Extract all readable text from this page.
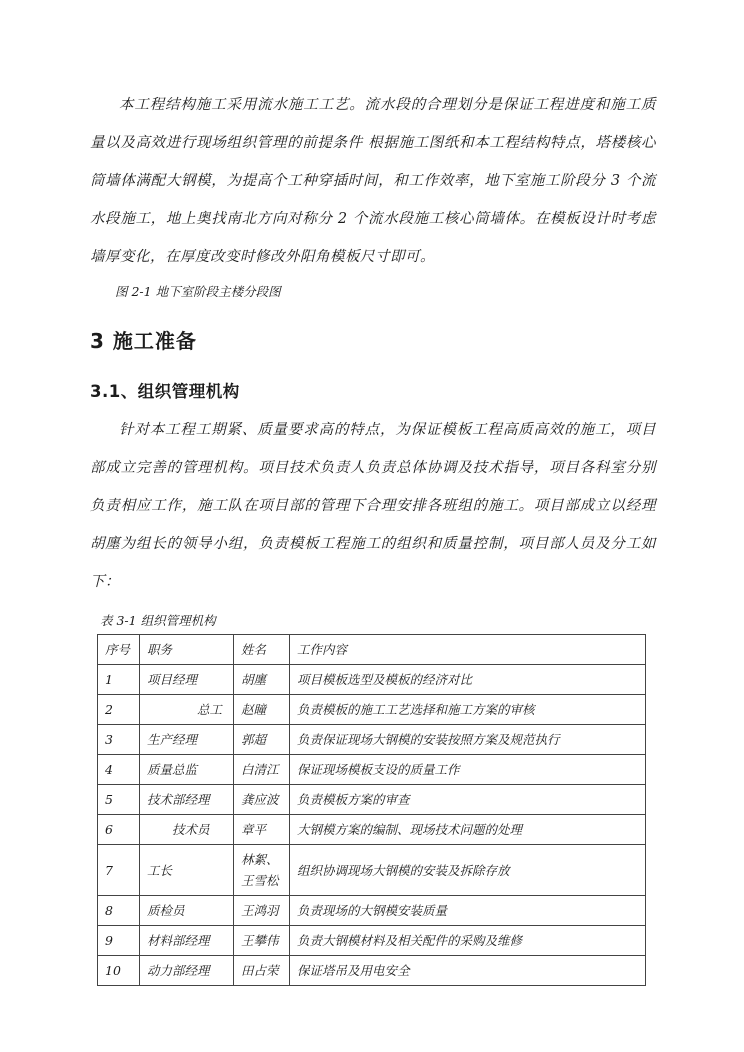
本工程结构施工采用流水施工工艺。流水段的合理划分是保证工程进度和施工质量以及高效进行现场组织管理的前提条件 根据施工图纸和本工程结构特点，塔楼核心筒墙体满配大钢模，为提高个工种穿插时间，和工作效率，地下室施工阶段分 3 个流水段施工，地上奥找南北方向对称分 2 个流水段施工核心筒墙体。在模板设计时考虑墙厚变化，在厚度改变时修改外阳角模板尺寸即可。

图 2-1 地下室阶段主楼分段图
3 施工准备
3.1、组织管理机构

针对本工程工期紧、质量要求高的特点，为保证模板工程高质高效的施工，项目部成立完善的管理机构。项目技术负责人负责总体协调及技术指导，项目各科室分别负责相应工作，施工队在项目部的管理下合理安排各班组的施工。项目部成立以经理胡廛为组长的领导小组，负责模板工程施工的组织和质量控制，项目部人员及分工如下：

表 3-1 组织管理机构
序号	职务	姓名	工作内容
1	项目经理	胡廛	项目模板选型及模板的经济对比
2	　　　　总工	赵瞳	负责模板的施工工艺选择和施工方案的审核
3	生产经理	郭超	负责保证现场大钢模的安装按照方案及规范执行
4	质量总监	白清江	保证现场模板支设的质量工作
5	技术部经理	龚应波	负责模板方案的审查
6	　　技术员	章平	大钢模方案的编制、现场技术问题的处理
7	工长	林絮、王雪松	组织协调现场大钢模的安装及拆除存放
8	质检员	王鸿羽	负责现场的大钢模安装质量
9	材料部经理	王攀伟	负责大钢模材料及相关配件的采购及维修
10	动力部经理	田占荣	保证塔吊及用电安全
